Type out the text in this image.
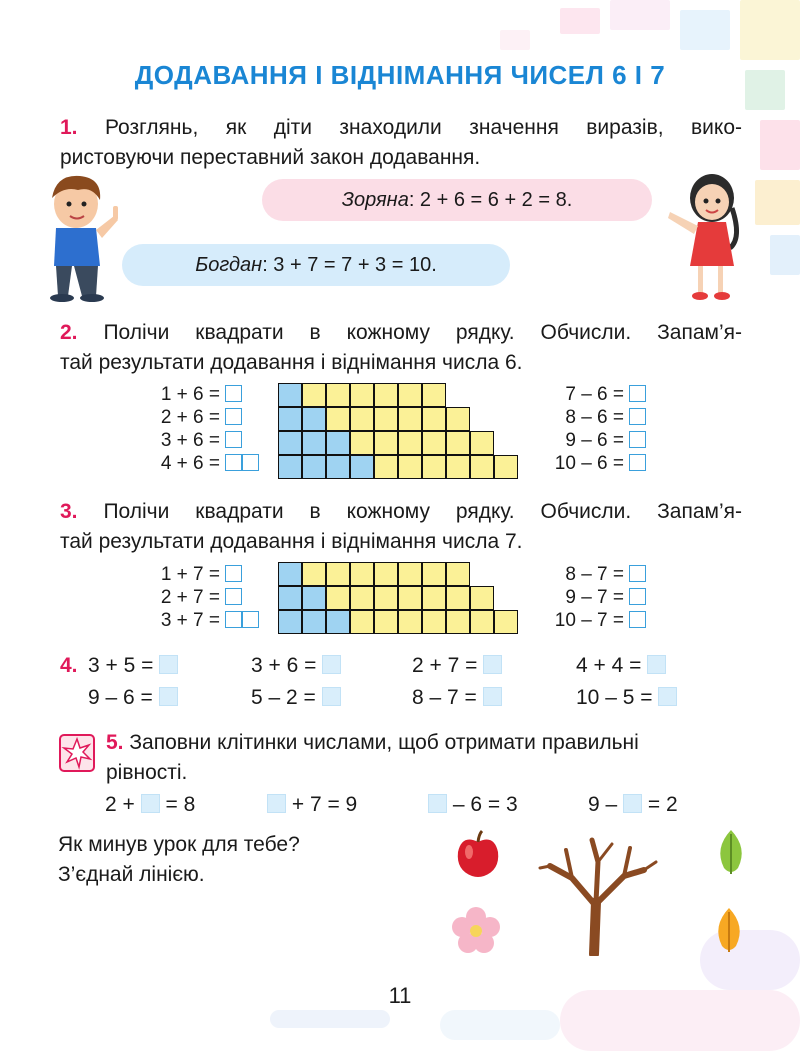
ДОДАВАННЯ І ВІДНІМАННЯ ЧИСЕЛ 6 І 7
1. Розглянь, як діти знаходили значення виразів, вико-
ристовуючи переставний закон додавання.
Зоряна: 2 + 6 = 6 + 2 = 8.
Богдан: 3 + 7 = 7 + 3 = 10.
2. Полічи квадрати в кожному рядку. Обчисли. Запам’я-
тай результати додавання і віднімання числа 6.
1 + 6 =
2 + 6 =
3 + 6 =
4 + 6 =
7 – 6 =
8 – 6 =
9 – 6 =
10 – 6 =
3. Полічи квадрати в кожному рядку. Обчисли. Запам’я-
тай результати додавання і віднімання числа 7.
1 + 7 =
2 + 7 =
3 + 7 =
8 – 7 =
9 – 7 =
10 – 7 =
4. 3 + 5 =	3 + 6 =	2 + 7 =	4 + 4 =
9 – 6 =	5 – 2 =	8 – 7 =	10 – 5 =
5. Заповни клітинки числами, щоб отримати правильні
рівності.
2 + = 8	+ 7 = 9	– 6 = 3	9 – = 2
Як минув урок для тебе?
З’єднай лінією.
11
